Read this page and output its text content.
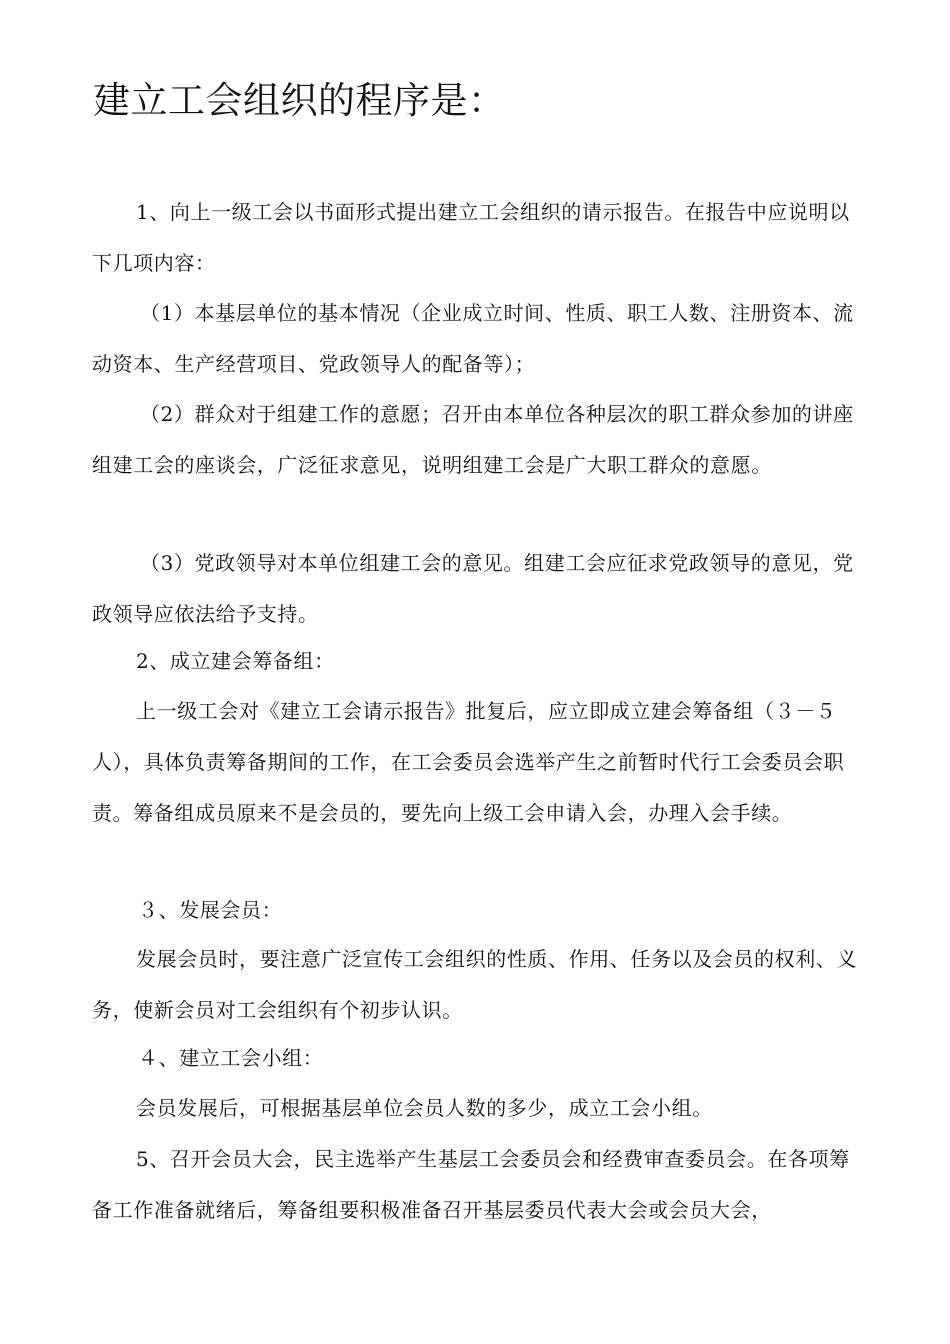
建立工会组织的程序是：

1、向上一级工会以书面形式提出建立工会组织的请示报告。在报告中应说明以下几项内容：

（1）本基层单位的基本情况（企业成立时间、性质、职工人数、注册资本、流动资本、生产经营项目、党政领导人的配备等）；

（2）群众对于组建工作的意愿；召开由本单位各种层次的职工群众参加的讲座组建工会的座谈会，广泛征求意见，说明组建工会是广大职工群众的意愿。

（3）党政领导对本单位组建工会的意见。组建工会应征求党政领导的意见，党政领导应依法给予支持。

2、成立建会筹备组：

上一级工会对《建立工会请示报告》批复后，应立即成立建会筹备组（３－５人），具体负责筹备期间的工作，在工会委员会选举产生之前暂时代行工会委员会职责。筹备组成员原来不是会员的，要先向上级工会申请入会，办理入会手续。

３、发展会员：

发展会员时，要注意广泛宣传工会组织的性质、作用、任务以及会员的权利、义务，使新会员对工会组织有个初步认识。

４、建立工会小组：

会员发展后，可根据基层单位会员人数的多少，成立工会小组。

5、召开会员大会，民主选举产生基层工会委员会和经费审查委员会。在各项筹备工作准备就绪后，筹备组要积极准备召开基层委员代表大会或会员大会，
